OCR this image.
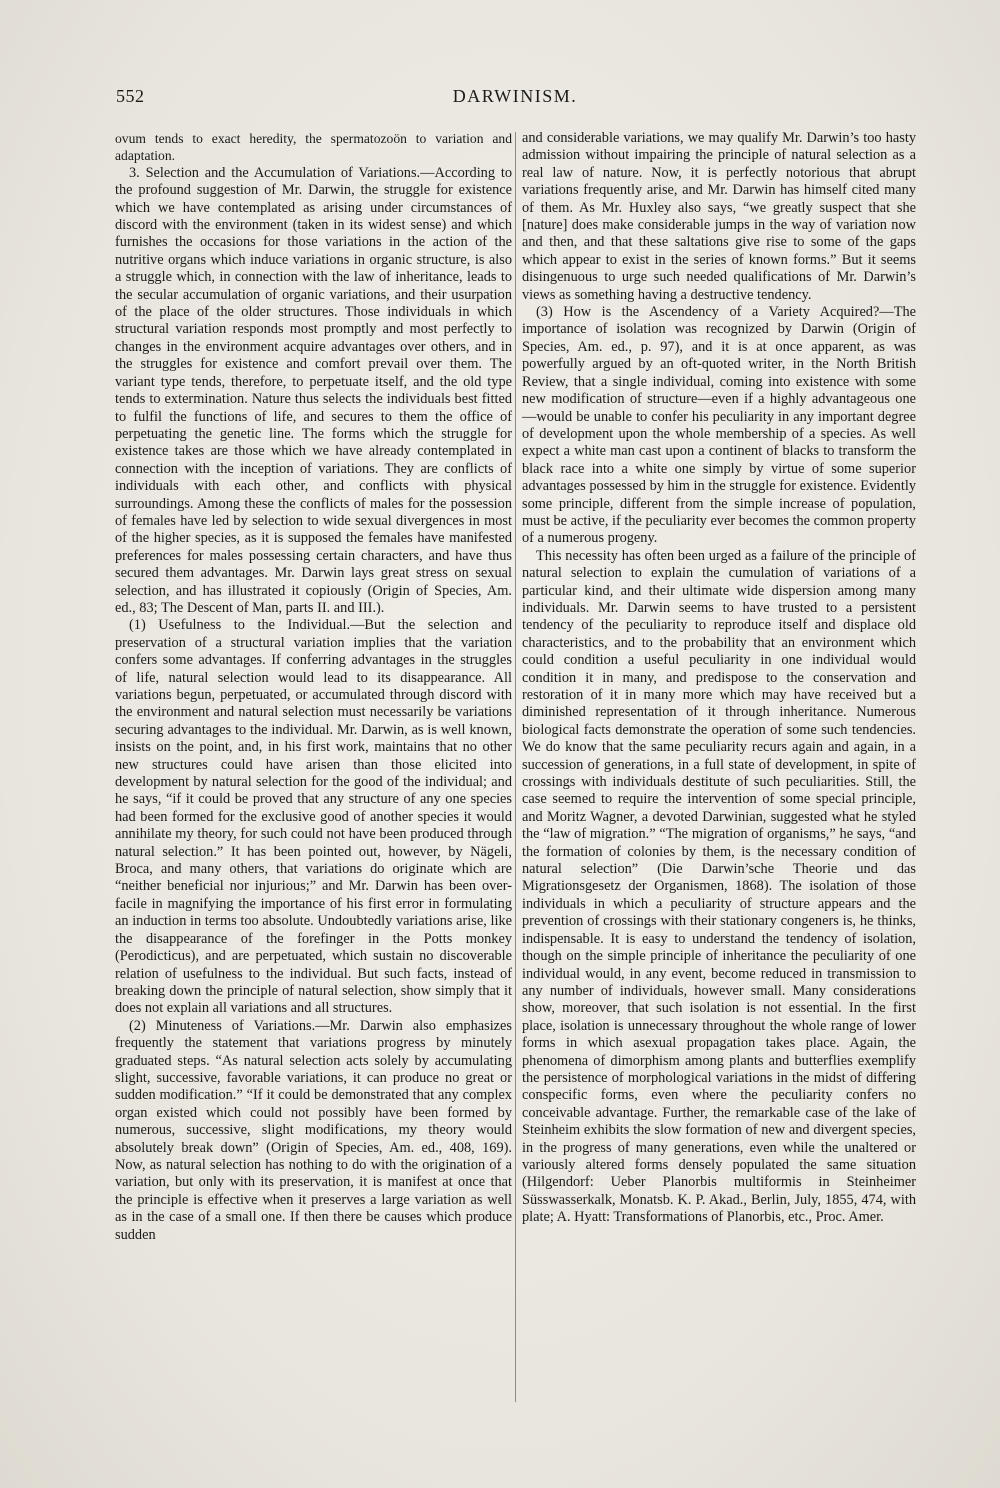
552	DARWINISM.

ovum tends to exact heredity, the spermatozoön to variation and adaptation.

3. Selection and the Accumulation of Variations.—According to the profound suggestion of Mr. Darwin, the struggle for existence which we have contemplated as arising under circumstances of discord with the environment (taken in its widest sense) and which furnishes the occasions for those variations in the action of the nutritive organs which induce variations in organic structure, is also a struggle which, in connection with the law of inheritance, leads to the secular accumulation of organic variations, and their usurpation of the place of the older structures. Those individuals in which structural variation responds most promptly and most perfectly to changes in the environment acquire advantages over others, and in the struggles for existence and comfort prevail over them. The variant type tends, therefore, to perpetuate itself, and the old type tends to extermination. Nature thus selects the individuals best fitted to fulfil the functions of life, and secures to them the office of perpetuating the genetic line. The forms which the struggle for existence takes are those which we have already contemplated in connection with the inception of variations. They are conflicts of individuals with each other, and conflicts with physical surroundings. Among these the conflicts of males for the possession of females have led by selection to wide sexual divergences in most of the higher species, as it is supposed the females have manifested preferences for males possessing certain characters, and have thus secured them advantages. Mr. Darwin lays great stress on sexual selection, and has illustrated it copiously (Origin of Species, Am. ed., 83; The Descent of Man, parts II. and III.).

(1) Usefulness to the Individual.—But the selection and preservation of a structural variation implies that the variation confers some advantages. If conferring advantages in the struggles of life, natural selection would lead to its disappearance. All variations begun, perpetuated, or accumulated through discord with the environment and natural selection must necessarily be variations securing advantages to the individual. Mr. Darwin, as is well known, insists on the point, and, in his first work, maintains that no other new structures could have arisen than those elicited into development by natural selection for the good of the individual; and he says, “if it could be proved that any structure of any one species had been formed for the exclusive good of another species it would annihilate my theory, for such could not have been produced through natural selection.” It has been pointed out, however, by Nägeli, Broca, and many others, that variations do originate which are “neither beneficial nor injurious;” and Mr. Darwin has been over-facile in magnifying the importance of his first error in formulating an induction in terms too absolute. Undoubtedly variations arise, like the disappearance of the forefinger in the Potts monkey (Perodicticus), and are perpetuated, which sustain no discoverable relation of usefulness to the individual. But such facts, instead of breaking down the principle of natural selection, show simply that it does not explain all variations and all structures.

(2) Minuteness of Variations.—Mr. Darwin also emphasizes frequently the statement that variations progress by minutely graduated steps. “As natural selection acts solely by accumulating slight, successive, favorable variations, it can produce no great or sudden modification.” “If it could be demonstrated that any complex organ existed which could not possibly have been formed by numerous, successive, slight modifications, my theory would absolutely break down” (Origin of Species, Am. ed., 408, 169). Now, as natural selection has nothing to do with the origination of a variation, but only with its preservation, it is manifest at once that the principle is effective when it preserves a large variation as well as in the case of a small one. If then there be causes which produce sudden

and considerable variations, we may qualify Mr. Darwin’s too hasty admission without impairing the principle of natural selection as a real law of nature. Now, it is perfectly notorious that abrupt variations frequently arise, and Mr. Darwin has himself cited many of them. As Mr. Huxley also says, “we greatly suspect that she [nature] does make considerable jumps in the way of variation now and then, and that these saltations give rise to some of the gaps which appear to exist in the series of known forms.” But it seems disingenuous to urge such needed qualifications of Mr. Darwin’s views as something having a destructive tendency.

(3) How is the Ascendency of a Variety Acquired?—The importance of isolation was recognized by Darwin (Origin of Species, Am. ed., p. 97), and it is at once apparent, as was powerfully argued by an oft-quoted writer, in the North British Review, that a single individual, coming into existence with some new modification of structure—even if a highly advantageous one—would be unable to confer his peculiarity in any important degree of development upon the whole membership of a species. As well expect a white man cast upon a continent of blacks to transform the black race into a white one simply by virtue of some superior advantages possessed by him in the struggle for existence. Evidently some principle, different from the simple increase of population, must be active, if the peculiarity ever becomes the common property of a numerous progeny.

This necessity has often been urged as a failure of the principle of natural selection to explain the cumulation of variations of a particular kind, and their ultimate wide dispersion among many individuals. Mr. Darwin seems to have trusted to a persistent tendency of the peculiarity to reproduce itself and displace old characteristics, and to the probability that an environment which could condition a useful peculiarity in one individual would condition it in many, and predispose to the conservation and restoration of it in many more which may have received but a diminished representation of it through inheritance. Numerous biological facts demonstrate the operation of some such tendencies. We do know that the same peculiarity recurs again and again, in a succession of generations, in a full state of development, in spite of crossings with individuals destitute of such peculiarities. Still, the case seemed to require the intervention of some special principle, and Moritz Wagner, a devoted Darwinian, suggested what he styled the “law of migration.” “The migration of organisms,” he says, “and the formation of colonies by them, is the necessary condition of natural selection” (Die Darwin’sche Theorie und das Migrationsgesetz der Organismen, 1868). The isolation of those individuals in which a peculiarity of structure appears and the prevention of crossings with their stationary congeners is, he thinks, indispensable. It is easy to understand the tendency of isolation, though on the simple principle of inheritance the peculiarity of one individual would, in any event, become reduced in transmission to any number of individuals, however small. Many considerations show, moreover, that such isolation is not essential. In the first place, isolation is unnecessary throughout the whole range of lower forms in which asexual propagation takes place. Again, the phenomena of dimorphism among plants and butterflies exemplify the persistence of morphological variations in the midst of differing conspecific forms, even where the peculiarity confers no conceivable advantage. Further, the remarkable case of the lake of Steinheim exhibits the slow formation of new and divergent species, in the progress of many generations, even while the unaltered or variously altered forms densely populated the same situation (Hilgendorf: Ueber Planorbis multiformis in Steinheimer Süsswasserkalk, Monatsb. K. P. Akad., Berlin, July, 1855, 474, with plate; A. Hyatt: Transformations of Planorbis, etc., Proc. Amer.
